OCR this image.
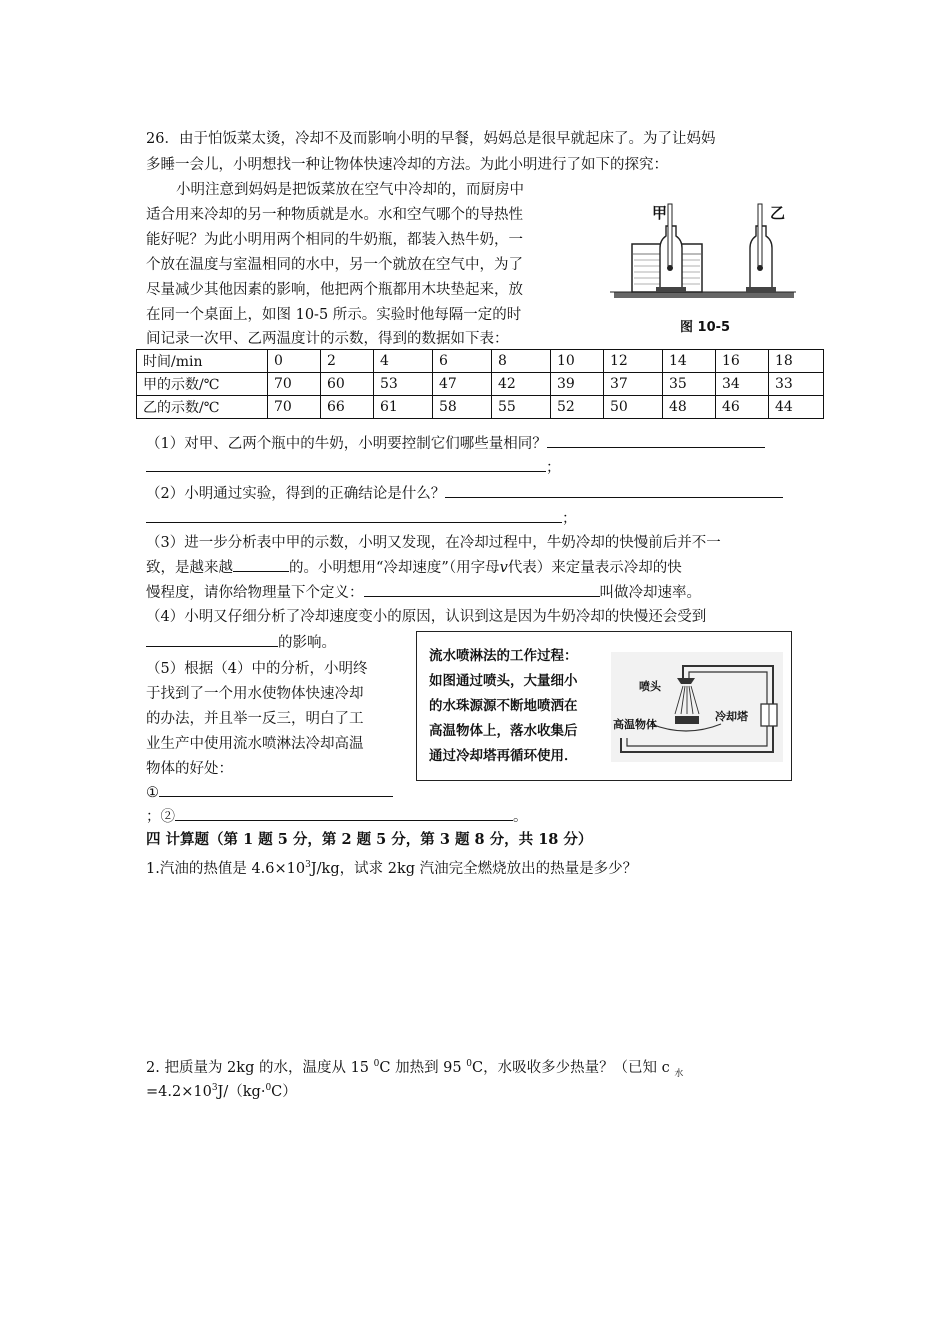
26．由于怕饭菜太烫，冷却不及而影响小明的早餐，妈妈总是很早就起床了。为了让妈妈
多睡一会儿，小明想找一种让物体快速冷却的方法。为此小明进行了如下的探究：
小明注意到妈妈是把饭菜放在空气中冷却的，而厨房中
适合用来冷却的另一种物质就是水。水和空气哪个的导热性
能好呢？为此小明用两个相同的牛奶瓶，都装入热牛奶，一
个放在温度与室温相同的水中，另一个就放在空气中，为了
尽量减少其他因素的影响，他把两个瓶都用木块垫起来，放
在同一个桌面上，如图 10-5 所示。实验时他每隔一定的时
间记录一次甲、乙两温度计的示数，得到的数据如下表：
甲	乙
图 10-5
时间/min	0	2	4	6	8	10	12	14	16	18
甲的示数/℃	70	60	53	47	42	39	37	35	34	33
乙的示数/℃	70	66	61	58	55	52	50	48	46	44
（1）对甲、乙两个瓶中的牛奶，小明要控制它们哪些量相同？
；
（2）小明通过实验，得到的正确结论是什么？
；
（3）进一步分析表中甲的示数，小明又发现，在冷却过程中，牛奶冷却的快慢前后并不一
致，是越来越	的。小明想用“冷却速度”（用字母v代表）来定量表示冷却的快
慢程度，请你给物理量下个定义：	叫做冷却速率。
（4）小明又仔细分析了冷却速度变小的原因，认识到这是因为牛奶冷却的快慢还会受到
的影响。
（5）根据（4）中的分析，小明终
于找到了一个用水使物体快速冷却
的办法，并且举一反三，明白了工
业生产中使用流水喷淋法冷却高温
物体的好处：
①
；②	。
流水喷淋法的工作过程：
如图通过喷头，大量细小
的水珠源源不断地喷洒在
高温物体上，落水收集后
通过冷却塔再循环使用．
喷头
高温物体
冷却塔
四 计算题（第 1 题 5 分，第 2 题 5 分，第 3 题 8 分，共 18 分）
1.汽油的热值是 $4.6\times 10^3J/kg$，试求 2kg 汽油完全燃烧放出的热量是多少？
2. 把质量为 2kg 的水，温度从 15 $^0$C 加热到 95 $^0$C，水吸收多少热量？（已知 c $_水$
$=4.2\times 10^3J/(kg\cdot^0C)$
